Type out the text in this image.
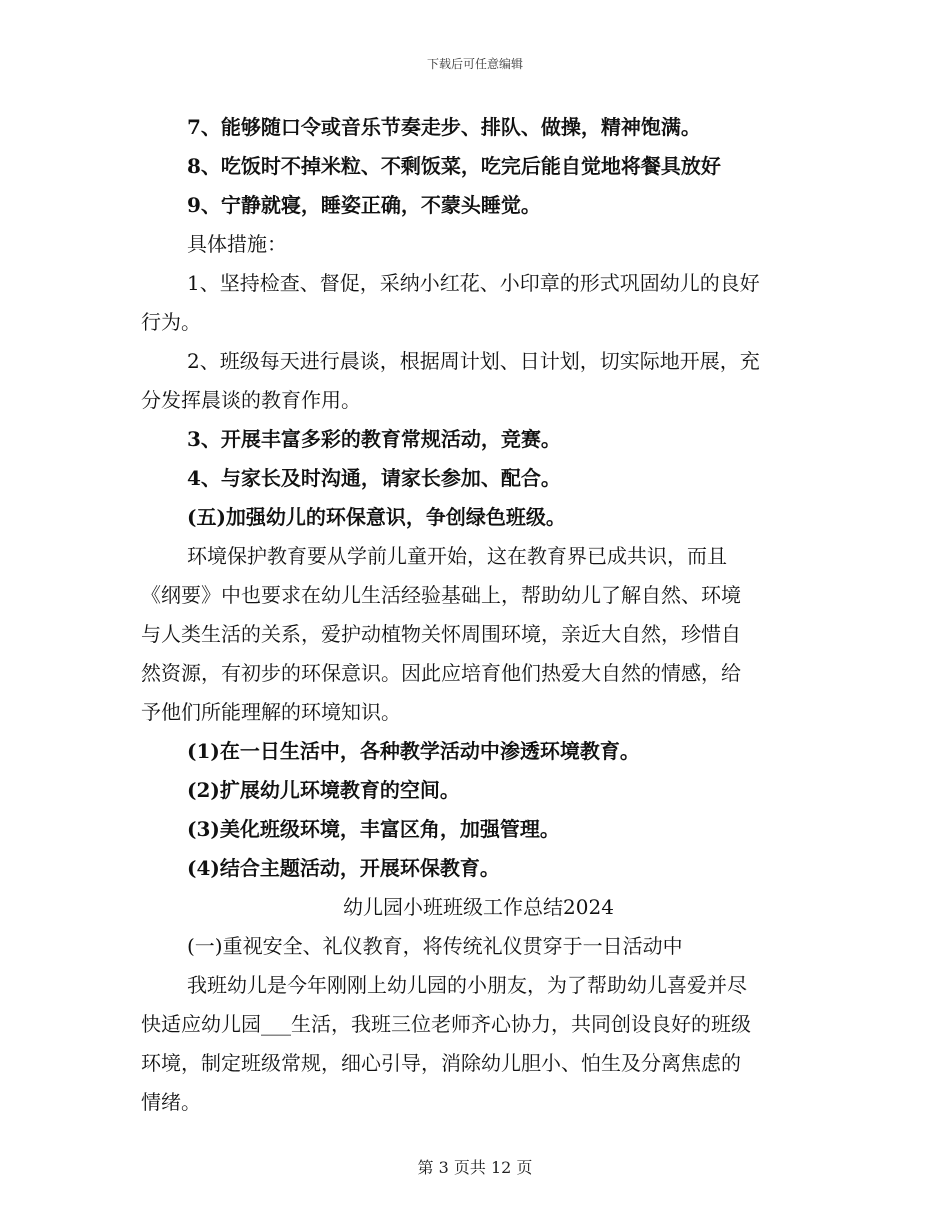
下载后可任意编辑

7、能够随口令或音乐节奏走步、排队、做操，精神饱满。

8、吃饭时不掉米粒、不剩饭菜，吃完后能自觉地将餐具放好

9、宁静就寝，睡姿正确，不蒙头睡觉。

具体措施：

1、坚持检查、督促，采纳小红花、小印章的形式巩固幼儿的良好

行为。

2、班级每天进行晨谈，根据周计划、日计划，切实际地开展，充

分发挥晨谈的教育作用。

3、开展丰富多彩的教育常规活动，竞赛。

4、与家长及时沟通，请家长参加、配合。

(五)加强幼儿的环保意识，争创绿色班级。

环境保护教育要从学前儿童开始，这在教育界已成共识，而且

《纲要》中也要求在幼儿生活经验基础上，帮助幼儿了解自然、环境

与人类生活的关系，爱护动植物关怀周围环境，亲近大自然，珍惜自

然资源，有初步的环保意识。因此应培育他们热爱大自然的情感，给

予他们所能理解的环境知识。

(1)在一日生活中，各种教学活动中渗透环境教育。

(2)扩展幼儿环境教育的空间。

(3)美化班级环境，丰富区角，加强管理。

(4)结合主题活动，开展环保教育。

幼儿园小班班级工作总结2024

(一)重视安全、礼仪教育，将传统礼仪贯穿于一日活动中

我班幼儿是今年刚刚上幼儿园的小朋友，为了帮助幼儿喜爱并尽

快适应幼儿园___生活，我班三位老师齐心协力，共同创设良好的班级

环境，制定班级常规，细心引导，消除幼儿胆小、怕生及分离焦虑的

情绪。

第 3 页共 12 页
